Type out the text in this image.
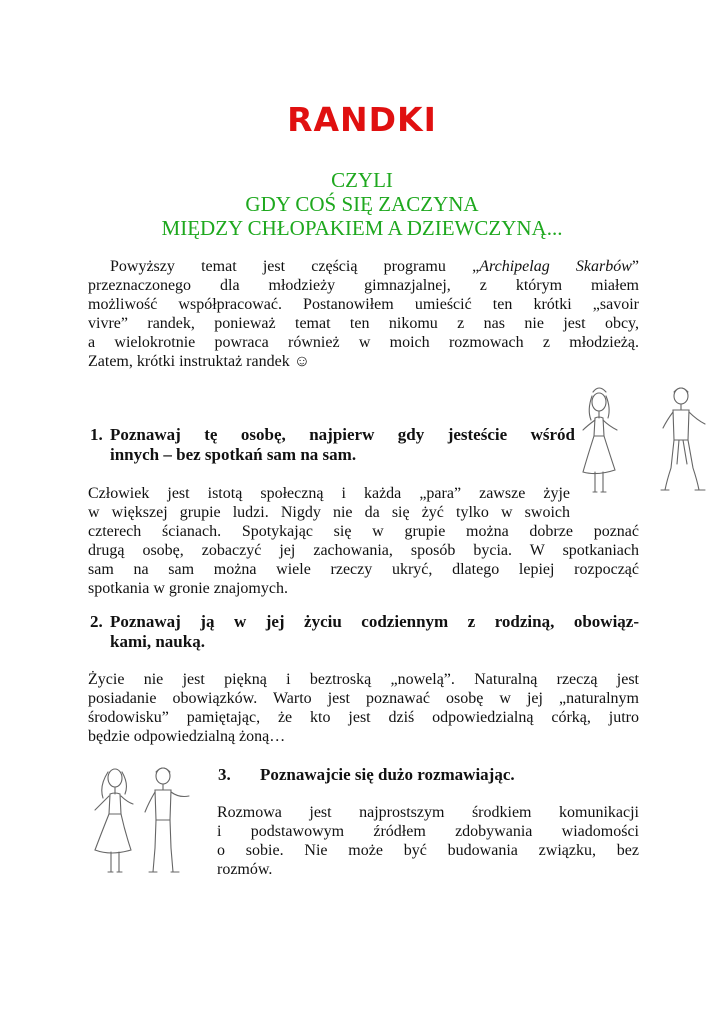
RANDKI
CZYLI
GDY COŚ SIĘ ZACZYNA
MIĘDZY CHŁOPAKIEM A DZIEWCZYNĄ...
Powyższy temat jest częścią programu „Archipelag Skarbów”
przeznaczonego dla młodzieży gimnazjalnej, z którym miałem
możliwość współpracować. Postanowiłem umieścić ten krótki „savoir
vivre” randek, ponieważ temat ten nikomu z nas nie jest obcy,
a wielokrotnie powraca również w moich rozmowach z młodzieżą.
Zatem, krótki instruktaż randek ☺
1. Poznawaj tę osobę, najpierw gdy jesteście wśród
innych – bez spotkań sam na sam.
Człowiek jest istotą społeczną i każda „para” zawsze żyje
w większej grupie ludzi. Nigdy nie da się żyć tylko w swoich
czterech ścianach. Spotykając się w grupie można dobrze poznać
drugą osobę, zobaczyć jej zachowania, sposób bycia. W spotkaniach
sam na sam można wiele rzeczy ukryć, dlatego lepiej rozpocząć
spotkania w gronie znajomych.
2. Poznawaj ją w jej życiu codziennym z rodziną, obowiąz-
kami, nauką.
Życie nie jest piękną i beztroską „nowelą”. Naturalną rzeczą jest
posiadanie obowiązków. Warto jest poznawać osobę w jej „naturalnym
środowisku” pamiętając, że kto jest dziś odpowiedzialną córką, jutro
będzie odpowiedzialną żoną…
3.	Poznawajcie się dużo rozmawiając.
Rozmowa jest najprostszym środkiem komunikacji
i podstawowym źródłem zdobywania wiadomości
o sobie. Nie może być budowania związku, bez
rozmów.
